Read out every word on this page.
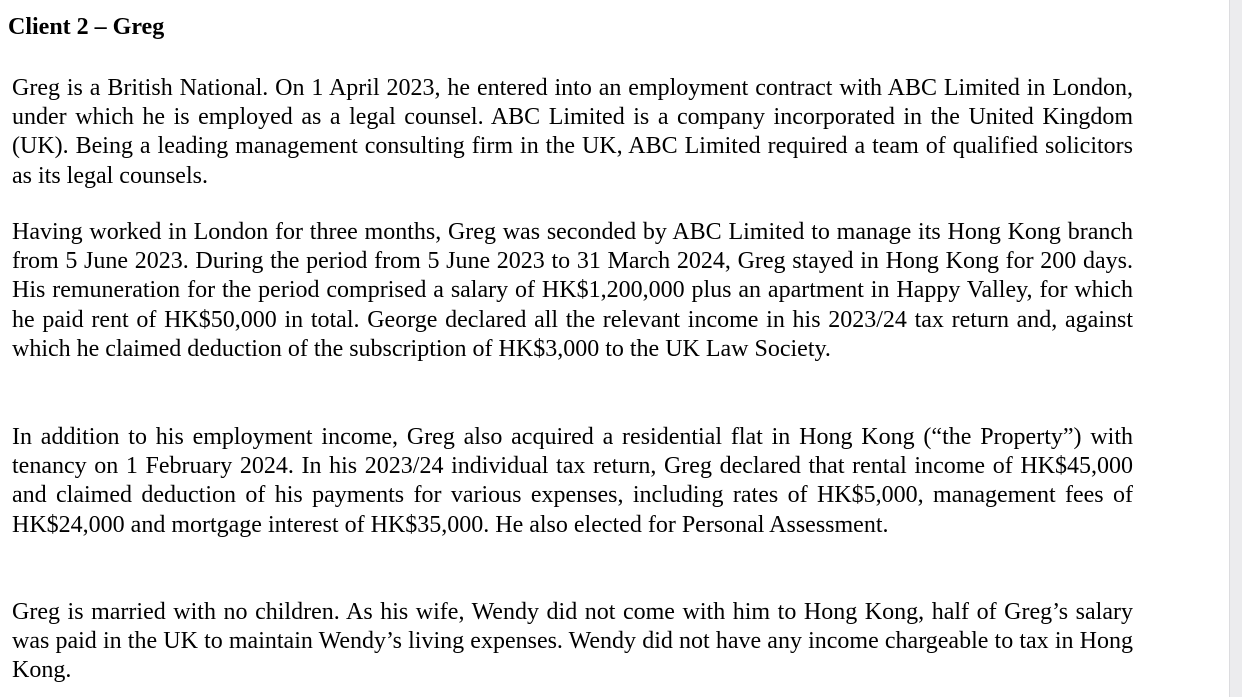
Client 2 – Greg

Greg is a British National. On 1 April 2023, he entered into an employment contract with ABC Limited in London, under which he is employed as a legal counsel. ABC Limited is a company incorporated in the United Kingdom (UK). Being a leading management consulting firm in the UK, ABC Limited required a team of qualified solicitors as its legal counsels.

Having worked in London for three months, Greg was seconded by ABC Limited to manage its Hong Kong branch from 5 June 2023. During the period from 5 June 2023 to 31 March 2024, Greg stayed in Hong Kong for 200 days. His remuneration for the period comprised a salary of HK$1,200,000 plus an apartment in Happy Valley, for which he paid rent of HK$50,000 in total. George declared all the relevant income in his 2023/24 tax return and, against which he claimed deduction of the subscription of HK$3,000 to the UK Law Society.

In addition to his employment income, Greg also acquired a residential flat in Hong Kong (“the Property”) with tenancy on 1 February 2024. In his 2023/24 individual tax return, Greg declared that rental income of HK$45,000 and claimed deduction of his payments for various expenses, including rates of HK$5,000, management fees of HK$24,000 and mortgage interest of HK$35,000. He also elected for Personal Assessment.

Greg is married with no children. As his wife, Wendy did not come with him to Hong Kong, half of Greg’s salary was paid in the UK to maintain Wendy’s living expenses. Wendy did not have any income chargeable to tax in Hong Kong.
